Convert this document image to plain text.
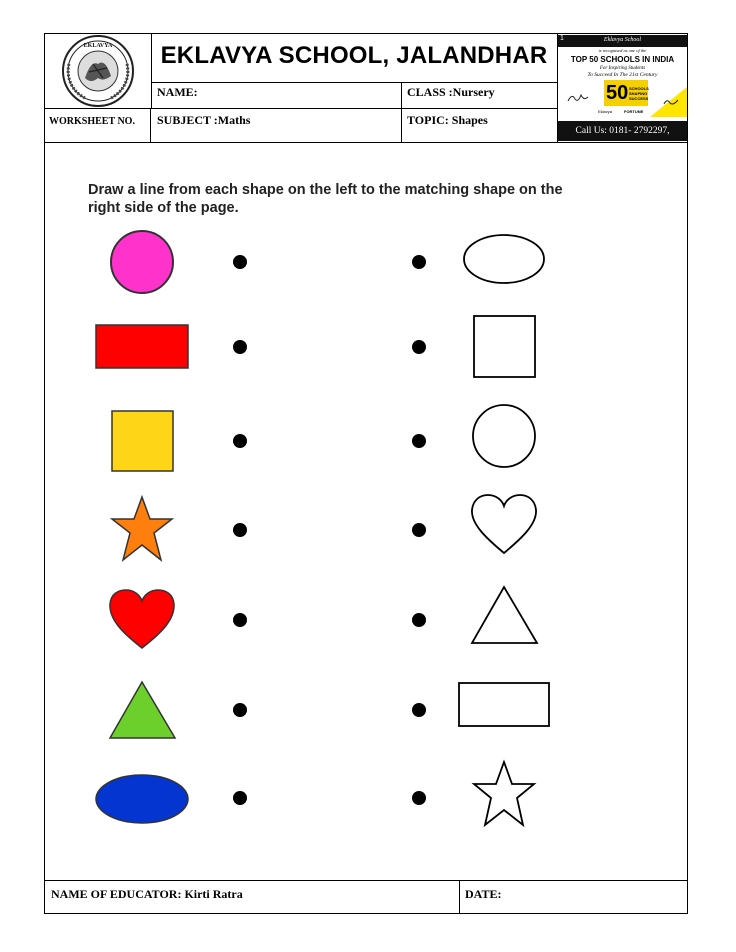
EKLAVYA
WORKSHEET NO.
EKLAVYA SCHOOL, JALANDHAR
NAME:	CLASS :Nursery
SUBJECT :Maths	TOPIC: Shapes
1	Eklavya School
is recognised as one of the
TOP 50 SCHOOLS IN INDIA
For Inspiring Students
To Succeed In The 21st Century
50 SCHOOLS SHAPING SUCCESS
Eklavya	FORTUNE
Call Us: 0181- 2792297, 2440428
NAME OF EDUCATOR: Kirti Ratra	DATE:
Draw a line from each shape on the left to the matching shape on the right side of the page.
